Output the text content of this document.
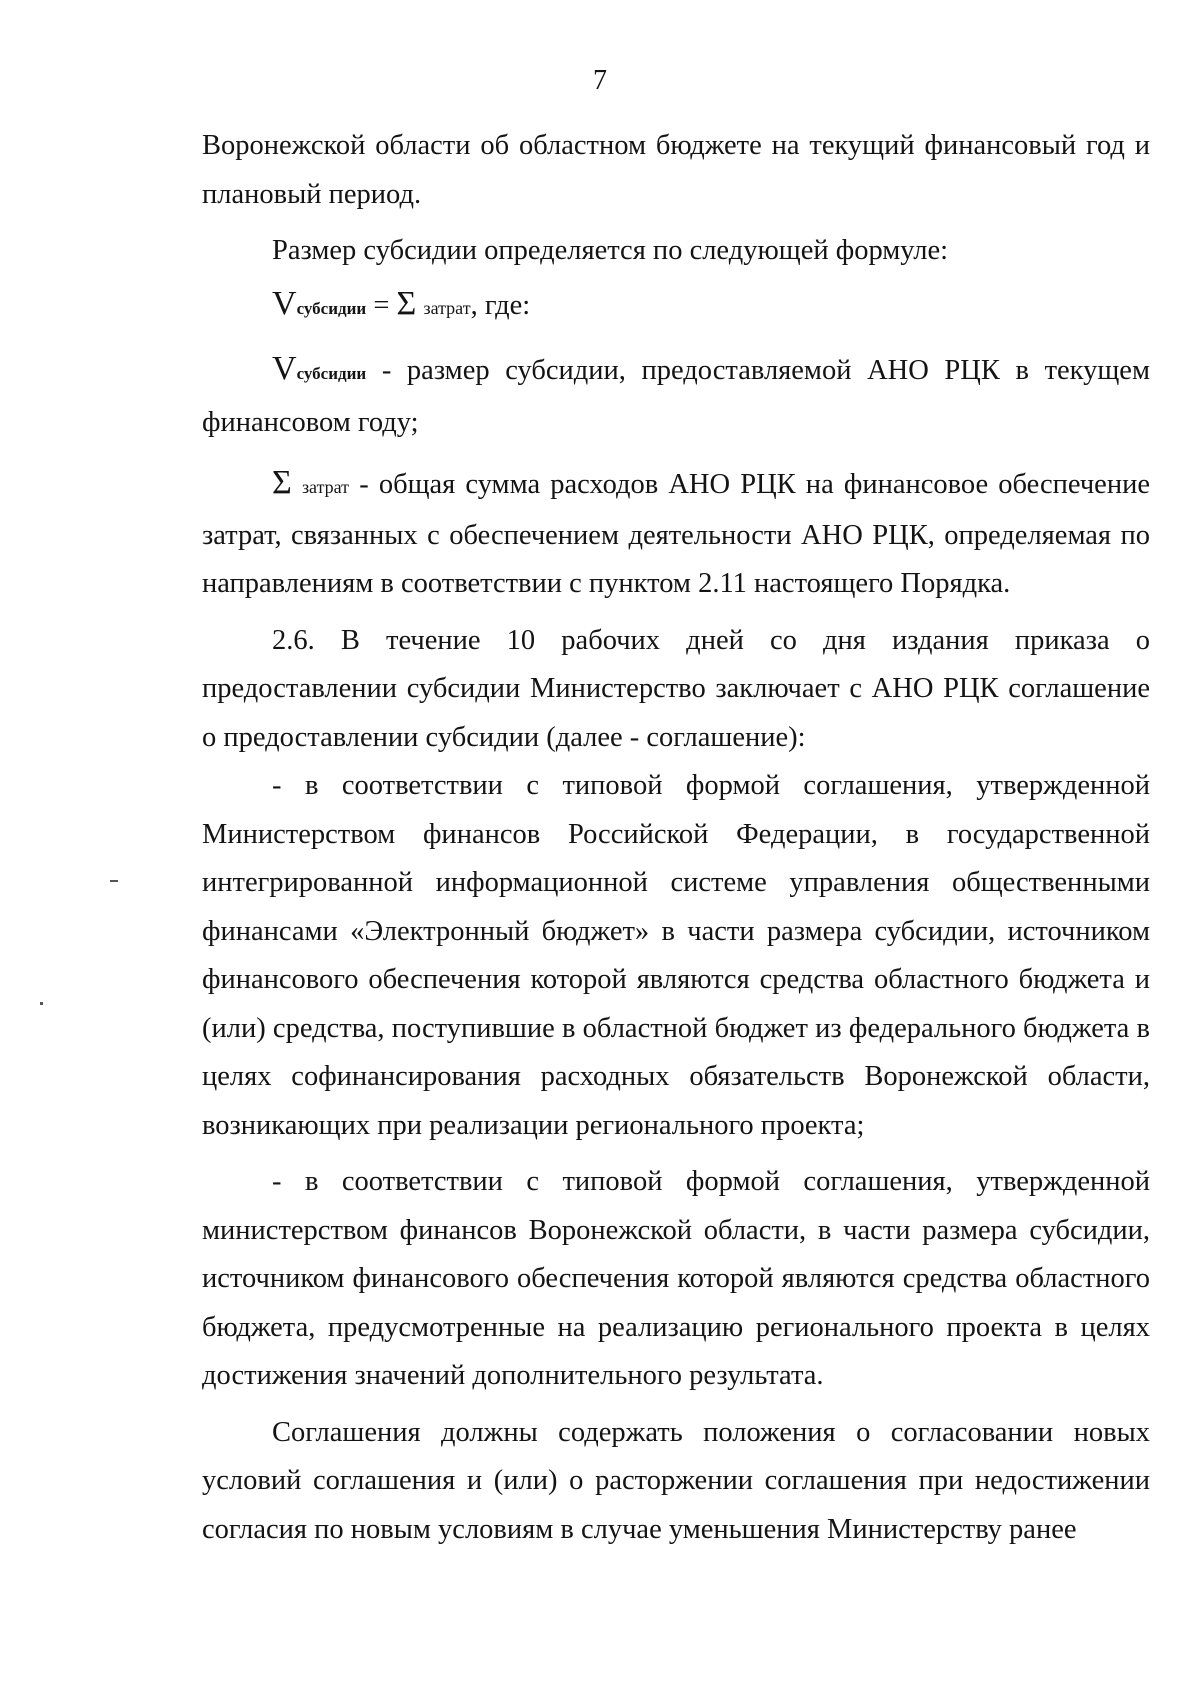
7

Воронежской области об областном бюджете на текущий финансовый год и плановый период.

Размер субсидии определяется по следующей формуле:

Vсубсидии = Σ затрат, где:

Vсубсидии - размер субсидии, предоставляемой АНО РЦК в текущем финансовом году;

Σ затрат - общая сумма расходов АНО РЦК на финансовое обеспечение затрат, связанных с обеспечением деятельности АНО РЦК, определяемая по направлениям в соответствии с пунктом 2.11 настоящего Порядка.

2.6. В течение 10 рабочих дней со дня издания приказа о предоставлении субсидии Министерство заключает с АНО РЦК соглашение о предоставлении субсидии (далее - соглашение):

- в соответствии с типовой формой соглашения, утвержденной Министерством финансов Российской Федерации, в государственной интегрированной информационной системе управления общественными финансами «Электронный бюджет» в части размера субсидии, источником финансового обеспечения которой являются средства областного бюджета и (или) средства, поступившие в областной бюджет из федерального бюджета в целях софинансирования расходных обязательств Воронежской области, возникающих при реализации регионального проекта;

- в соответствии с типовой формой соглашения, утвержденной министерством финансов Воронежской области, в части размера субсидии, источником финансового обеспечения которой являются средства областного бюджета, предусмотренные на реализацию регионального проекта в целях достижения значений дополнительного результата.

Соглашения должны содержать положения о согласовании новых условий соглашения и (или) о расторжении соглашения при недостижении согласия по новым условиям в случае уменьшения Министерству ранее
